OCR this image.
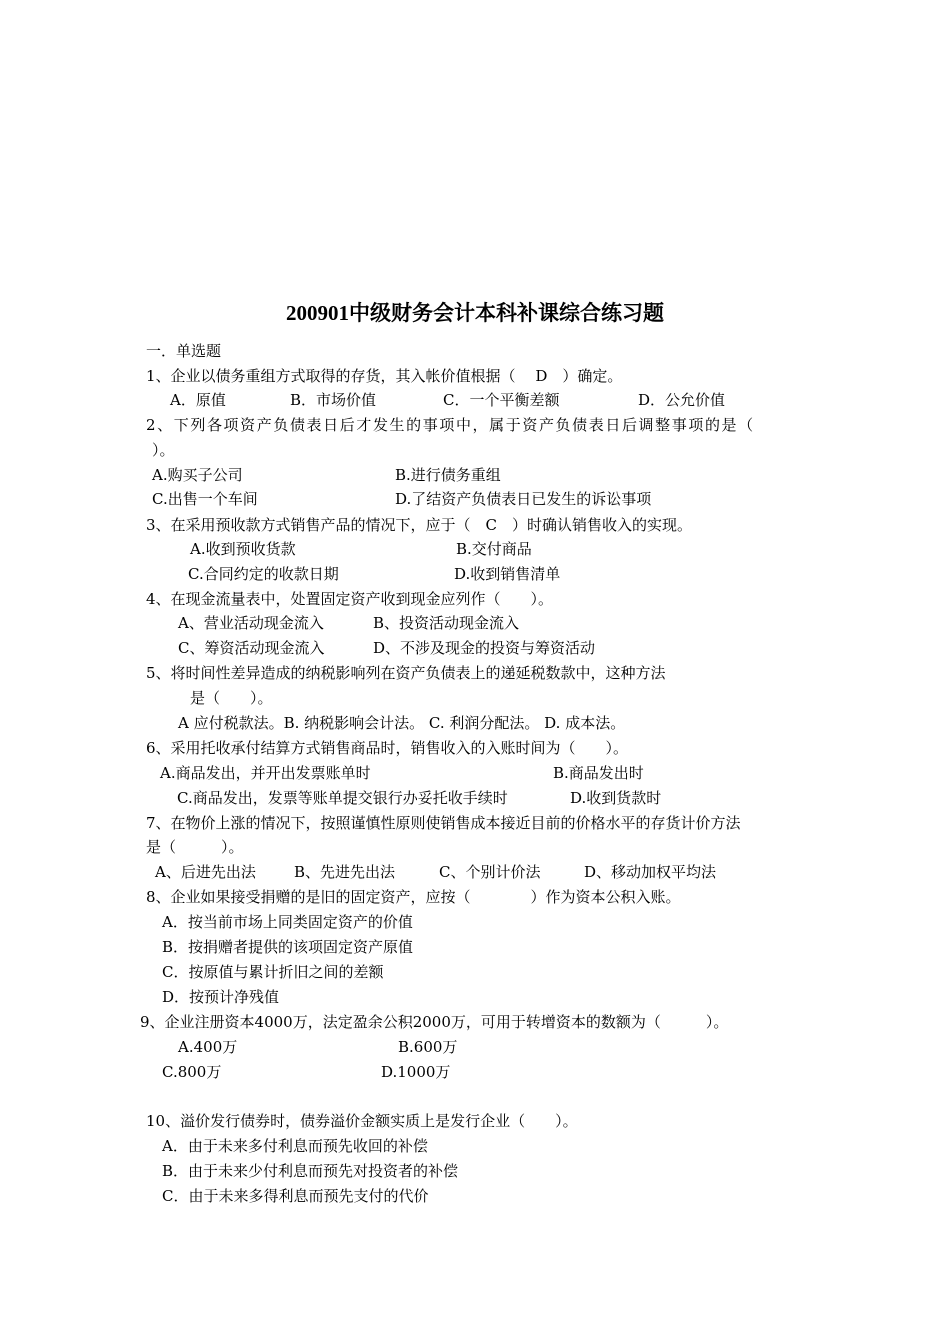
200901中级财务会计本科补课综合练习题
一．单选题
1、企业以债务重组方式取得的存货，其入帐价值根据（　 D　）确定。
A．原值	B．市场价值	C．一个平衡差额	D．公允价值
2、下列各项资产负债表日后才发生的事项中，属于资产负债表日后调整事项的是（
）。
A.购买子公司	B.进行债务重组
C.出售一个车间	D.了结资产负债表日已发生的诉讼事项
3、在采用预收款方式销售产品的情况下，应于（　C　）时确认销售收入的实现。
A.收到预收货款	B.交付商品
C.合同约定的收款日期	D.收到销售清单
4、在现金流量表中，处置固定资产收到现金应列作（　　）。
A、营业活动现金流入	B、投资活动现金流入
C、筹资活动现金流入	D、不涉及现金的投资与筹资活动
5、将时间性差异造成的纳税影响列在资产负债表上的递延税数款中，这种方法
是（　　）。
A 应付税款法。B. 纳税影响会计法。 C. 利润分配法。 D. 成本法。
6、采用托收承付结算方式销售商品时，销售收入的入账时间为（　　）。
A.商品发出，并开出发票账单时	B.商品发出时
C.商品发出，发票等账单提交银行办妥托收手续时	D.收到货款时
7、在物价上涨的情况下，按照谨慎性原则使销售成本接近目前的价格水平的存货计价方法
是（　　　）。
A、后进先出法	B、先进先出法	C、个别计价法	D、移动加权平均法
8、企业如果接受捐赠的是旧的固定资产，应按（　　　　）作为资本公积入账。
A．按当前市场上同类固定资产的价值
B．按捐赠者提供的该项固定资产原值
C．按原值与累计折旧之间的差额
D．按预计净残值
9、企业注册资本4000万，法定盈余公积2000万，可用于转增资本的数额为（　　　）。
A.400万	B.600万
C.800万	D.1000万
10、溢价发行债券时，债券溢价金额实质上是发行企业（　　）。
A．由于未来多付利息而预先收回的补偿
B．由于未来少付利息而预先对投资者的补偿
C．由于未来多得利息而预先支付的代价
